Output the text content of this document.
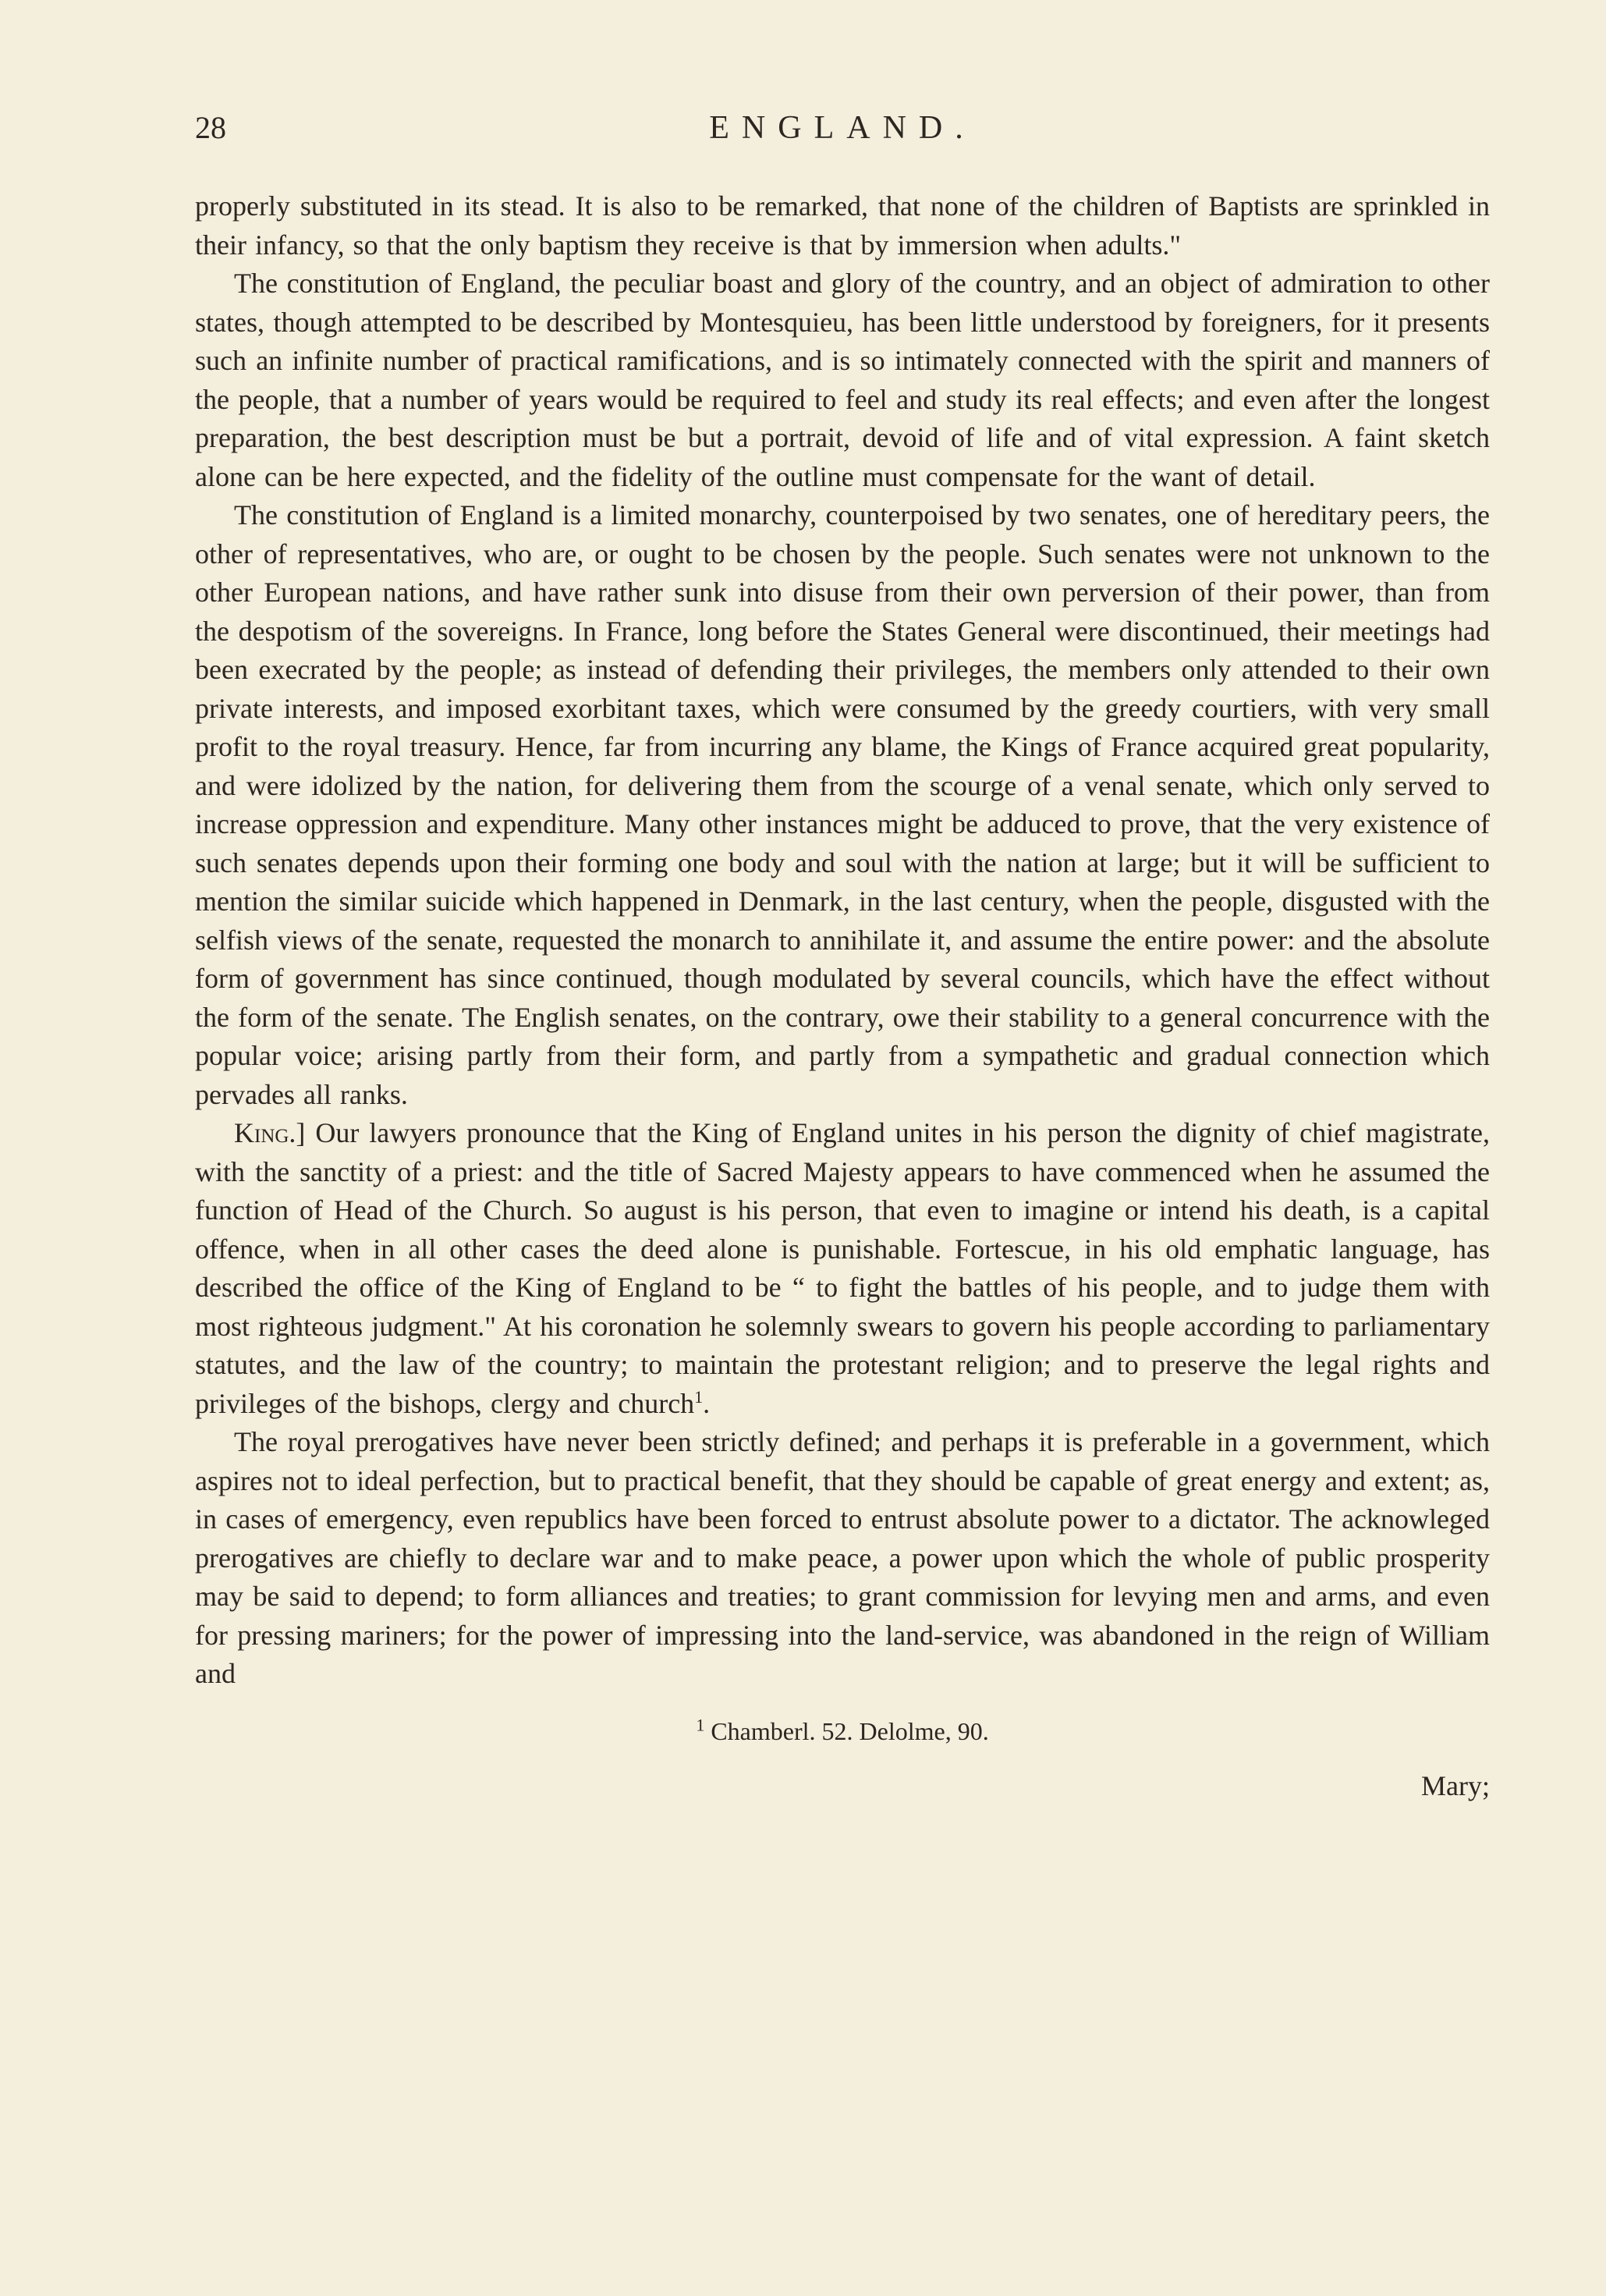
28	ENGLAND.

properly substituted in its stead. It is also to be remarked, that none of the children of Baptists are sprinkled in their infancy, so that the only baptism they receive is that by immersion when adults."

The constitution of England, the peculiar boast and glory of the country, and an object of admiration to other states, though attempted to be described by Montesquieu, has been little understood by foreigners, for it presents such an infinite number of practical ramifications, and is so intimately connected with the spirit and manners of the people, that a number of years would be required to feel and study its real effects; and even after the longest preparation, the best description must be but a portrait, devoid of life and of vital expression. A faint sketch alone can be here expected, and the fidelity of the outline must compensate for the want of detail.

The constitution of England is a limited monarchy, counterpoised by two senates, one of hereditary peers, the other of representatives, who are, or ought to be chosen by the people. Such senates were not unknown to the other European nations, and have rather sunk into disuse from their own perversion of their power, than from the despotism of the sovereigns. In France, long before the States General were discontinued, their meetings had been execrated by the people; as instead of defending their privileges, the members only attended to their own private interests, and imposed exorbitant taxes, which were consumed by the greedy courtiers, with very small profit to the royal treasury. Hence, far from incurring any blame, the Kings of France acquired great popularity, and were idolized by the nation, for delivering them from the scourge of a venal senate, which only served to increase oppression and expenditure. Many other instances might be adduced to prove, that the very existence of such senates depends upon their forming one body and soul with the nation at large; but it will be sufficient to mention the similar suicide which happened in Denmark, in the last century, when the people, disgusted with the selfish views of the senate, requested the monarch to annihilate it, and assume the entire power: and the absolute form of government has since continued, though modulated by several councils, which have the effect without the form of the senate. The English senates, on the contrary, owe their stability to a general concurrence with the popular voice; arising partly from their form, and partly from a sympathetic and gradual connection which pervades all ranks.

King.] Our lawyers pronounce that the King of England unites in his person the dignity of chief magistrate, with the sanctity of a priest: and the title of Sacred Majesty appears to have commenced when he assumed the function of Head of the Church. So august is his person, that even to imagine or intend his death, is a capital offence, when in all other cases the deed alone is punishable. Fortescue, in his old emphatic language, has described the office of the King of England to be “ to fight the battles of his people, and to judge them with most righteous judgment." At his coronation he solemnly swears to govern his people according to parliamentary statutes, and the law of the country; to maintain the protestant religion; and to preserve the legal rights and privileges of the bishops, clergy and church$^1$.

The royal prerogatives have never been strictly defined; and perhaps it is preferable in a government, which aspires not to ideal perfection, but to practical benefit, that they should be capable of great energy and extent; as, in cases of emergency, even republics have been forced to entrust absolute power to a dictator. The acknowleged prerogatives are chiefly to declare war and to make peace, a power upon which the whole of public prosperity may be said to depend; to form alliances and treaties; to grant commission for levying men and arms, and even for pressing mariners; for the power of impressing into the land-service, was abandoned in the reign of William and

$^1$ Chamberl. 52. Delolme, 90.
Mary;
